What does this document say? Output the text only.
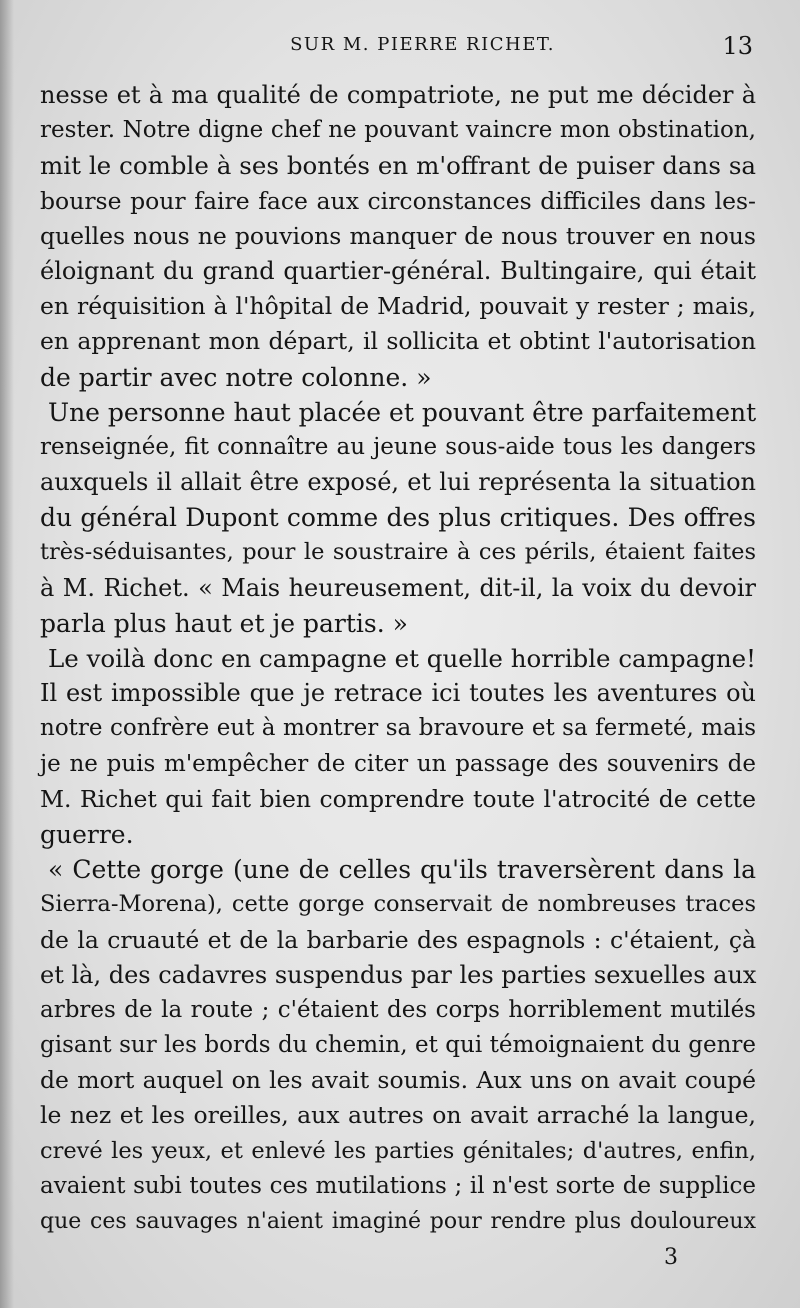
SUR M. PIERRE RICHET.	13
nesse et à ma qualité de compatriote, ne put me décider à
rester. Notre digne chef ne pouvant vaincre mon obstination,
mit le comble à ses bontés en m'offrant de puiser dans sa
bourse pour faire face aux circonstances difficiles dans les-
quelles nous ne pouvions manquer de nous trouver en nous
éloignant du grand quartier-général. Bultingaire, qui était
en réquisition à l'hôpital de Madrid, pouvait y rester ; mais,
en apprenant mon départ, il sollicita et obtint l'autorisation
de partir avec notre colonne. »
Une personne haut placée et pouvant être parfaitement
renseignée, fit connaître au jeune sous-aide tous les dangers
auxquels il allait être exposé, et lui représenta la situation
du général Dupont comme des plus critiques. Des offres
très-séduisantes, pour le soustraire à ces périls, étaient faites
à M. Richet. « Mais heureusement, dit-il, la voix du devoir
parla plus haut et je partis. »
Le voilà donc en campagne et quelle horrible campagne!
Il est impossible que je retrace ici toutes les aventures où
notre confrère eut à montrer sa bravoure et sa fermeté, mais
je ne puis m'empêcher de citer un passage des souvenirs de
M. Richet qui fait bien comprendre toute l'atrocité de cette
guerre.
« Cette gorge (une de celles qu'ils traversèrent dans la
Sierra-Morena), cette gorge conservait de nombreuses traces
de la cruauté et de la barbarie des espagnols : c'étaient, çà
et là, des cadavres suspendus par les parties sexuelles aux
arbres de la route ; c'étaient des corps horriblement mutilés
gisant sur les bords du chemin, et qui témoignaient du genre
de mort auquel on les avait soumis. Aux uns on avait coupé
le nez et les oreilles, aux autres on avait arraché la langue,
crevé les yeux, et enlevé les parties génitales; d'autres, enfin,
avaient subi toutes ces mutilations ; il n'est sorte de supplice
que ces sauvages n'aient imaginé pour rendre plus douloureux
3
